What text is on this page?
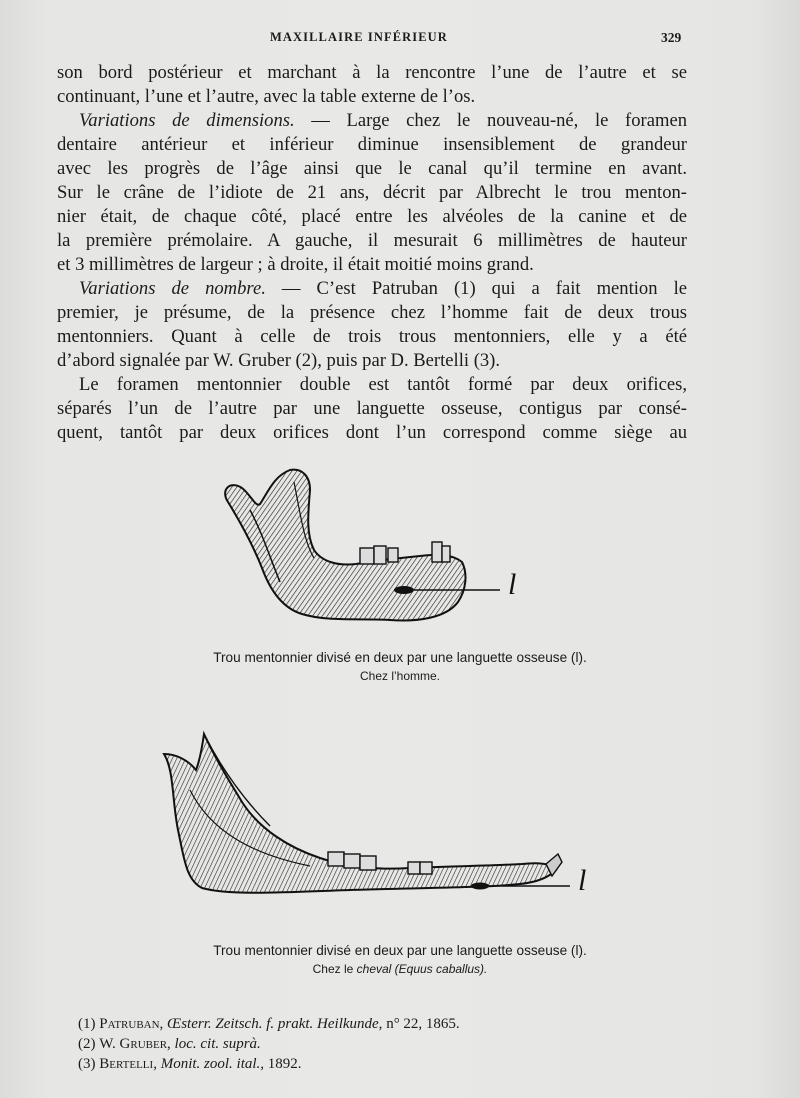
MAXILLAIRE INFÉRIEUR	329
son bord postérieur et marchant à la rencontre l’une de l’autre et se
continuant, l’une et l’autre, avec la table externe de l’os.
Variations de dimensions. — Large chez le nouveau-né, le foramen
dentaire antérieur et inférieur diminue insensiblement de grandeur
avec les progrès de l’âge ainsi que le canal qu’il termine en avant.
Sur le crâne de l’idiote de 21 ans, décrit par Albrecht le trou menton-
nier était, de chaque côté, placé entre les alvéoles de la canine et de
la première prémolaire. A gauche, il mesurait 6 millimètres de hauteur
et 3 millimètres de largeur ; à droite, il était moitié moins grand.
Variations de nombre. — C’est Patruban (1) qui a fait mention le
premier, je présume, de la présence chez l’homme fait de deux trous
mentonniers. Quant à celle de trois trous mentonniers, elle y a été
d’abord signalée par W. Gruber (2), puis par D. Bertelli (3).
Le foramen mentonnier double est tantôt formé par deux orifices,
séparés l’un de l’autre par une languette osseuse, contigus par consé-
quent, tantôt par deux orifices dont l’un correspond comme siège au
l
Trou mentonnier divisé en deux par une languette osseuse (l).
Chez l’homme.
l
Trou mentonnier divisé en deux par une languette osseuse (l).
Chez le cheval (Equus caballus).
(1) Patruban, Œsterr. Zeitsch. f. prakt. Heilkunde, n° 22, 1865.
(2) W. Gruber, loc. cit. suprà.
(3) Bertelli, Monit. zool. ital., 1892.
